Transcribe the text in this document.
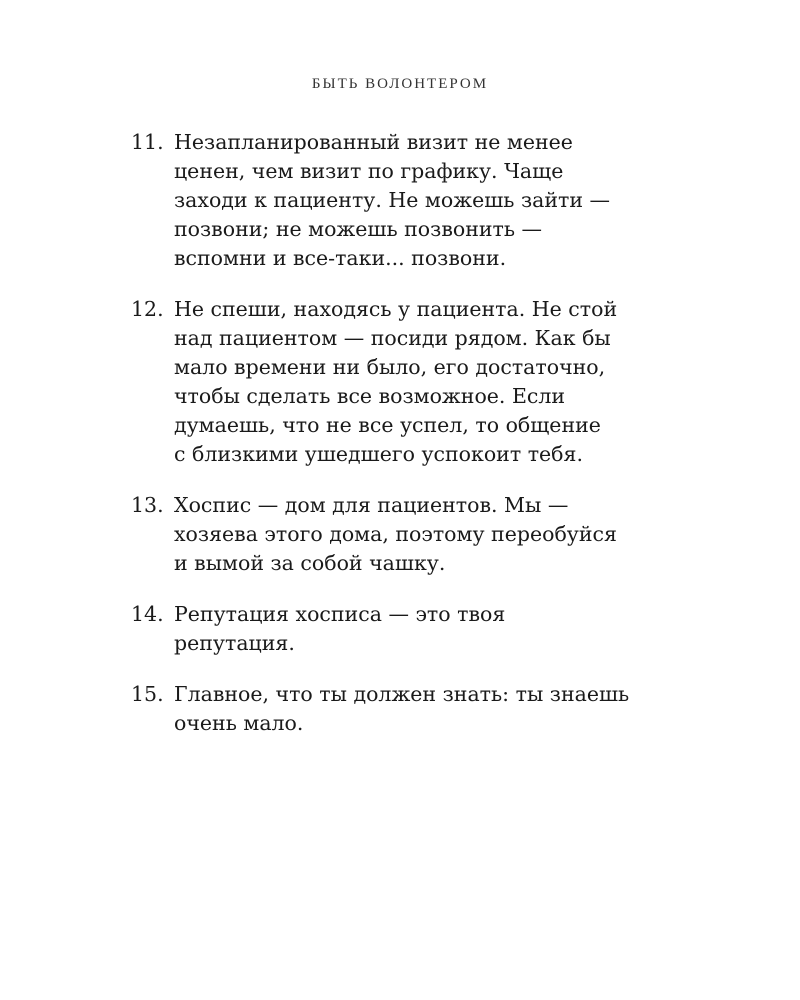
БЫТЬ ВОЛОНТЕРОМ
11. Незапланированный визит не менее
ценен, чем визит по графику. Чаще
заходи к пациенту. Не можешь зайти —
позвони; не можешь позвонить —
вспомни и все-таки... позвони.
12. Не спеши, находясь у пациента. Не стой
над пациентом — посиди рядом. Как бы
мало времени ни было, его достаточно,
чтобы сделать все возможное. Если
думаешь, что не все успел, то общение
с близкими ушедшего успокоит тебя.
13. Хоспис — дом для пациентов. Мы —
хозяева этого дома, поэтому переобуйся
и вымой за собой чашку.
14. Репутация хосписа — это твоя
репутация.
15. Главное, что ты должен знать: ты знаешь
очень мало.
